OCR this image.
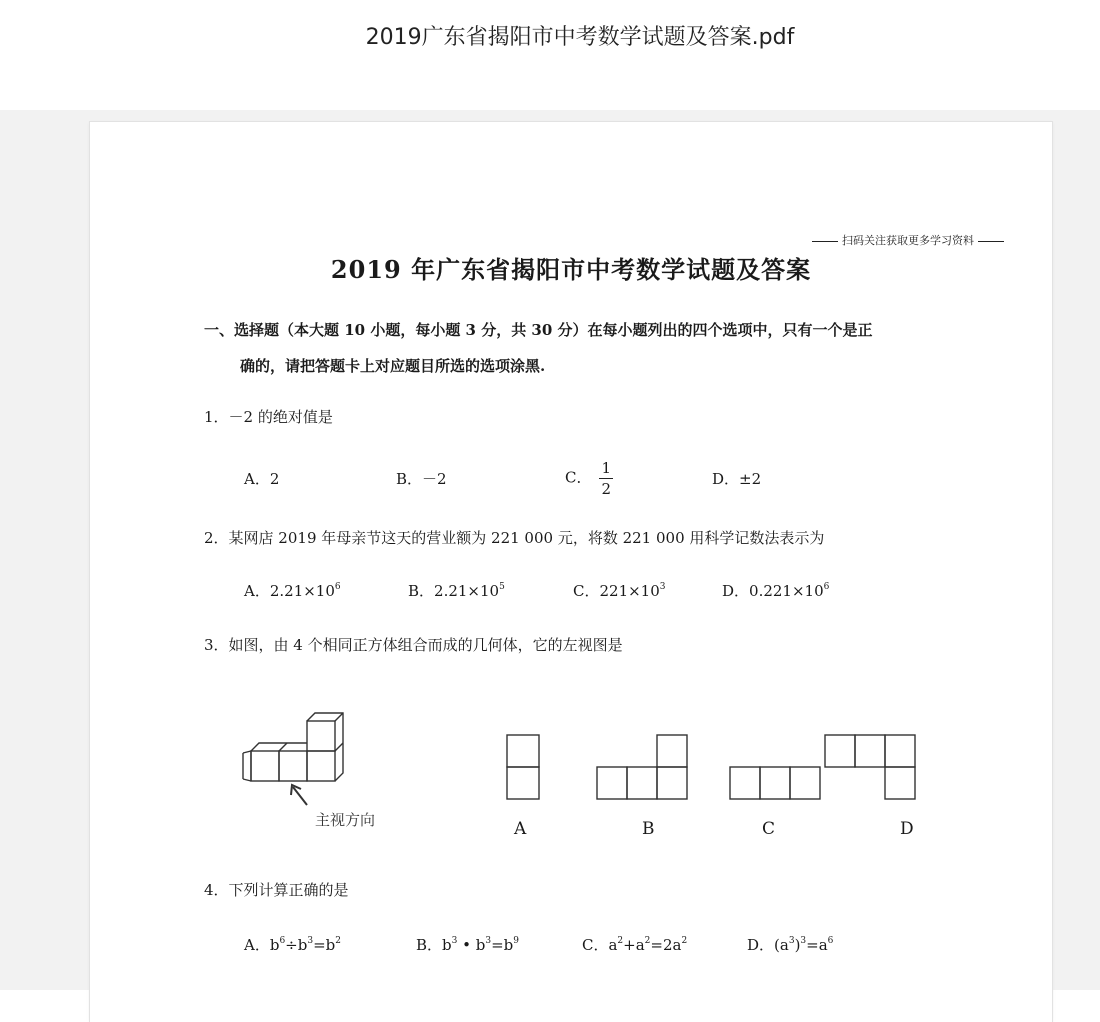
2019广东省揭阳市中考数学试题及答案.pdf
扫码关注获取更多学习资料
2019 年广东省揭阳市中考数学试题及答案
一、选择题（本大题 10 小题，每小题 3 分，共 30 分）在每小题列出的四个选项中，只有一个是正
确的，请把答题卡上对应题目所选的选项涂黑.
1．－2 的绝对值是
A．2	B．－2	C． $\frac{1}{2}$	D．±2
2．某网店 2019 年母亲节这天的营业额为 221 000 元，将数 221 000 用科学记数法表示为
A．$2.21\times 10^6$	B．$2.21\times 10^5$	C．$221\times 10^3$	D．$0.221\times 10^6$
3．如图，由 4 个相同正方体组合而成的几何体，它的左视图是
主视方向	A	B	C	D
4．下列计算正确的是
A．$b^6\div b^3=b^2$	B．$b^3$ • $b^3=b^9$	C．$a^2+a^2=2a^2$	D．$(a^3)^3=a^6$
